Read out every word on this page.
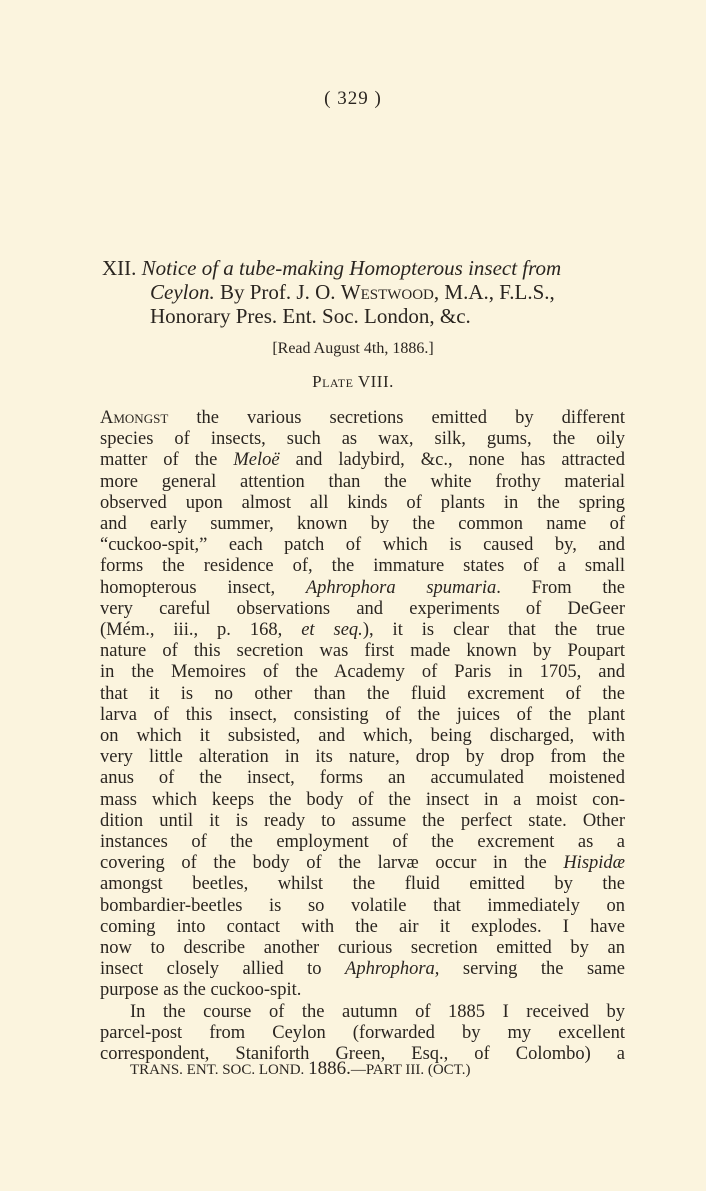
( 329 )
XII. Notice of a tube-making Homopterous insect from
Ceylon. By Prof. J. O. Westwood, M.A., F.L.S.,
Honorary Pres. Ent. Soc. London, &c.
[Read August 4th, 1886.]
Plate VIII.
Amongst the various secretions emitted by different
species of insects, such as wax, silk, gums, the oily
matter of the Meloë and ladybird, &c., none has attracted
more general attention than the white frothy material
observed upon almost all kinds of plants in the spring
and early summer, known by the common name of
“cuckoo-spit,” each patch of which is caused by, and
forms the residence of, the immature states of a small
homopterous insect, Aphrophora spumaria. From the
very careful observations and experiments of DeGeer
(Mém., iii., p. 168, et seq.), it is clear that the true
nature of this secretion was first made known by Poupart
in the Memoires of the Academy of Paris in 1705, and
that it is no other than the fluid excrement of the
larva of this insect, consisting of the juices of the plant
on which it subsisted, and which, being discharged, with
very little alteration in its nature, drop by drop from the
anus of the insect, forms an accumulated moistened
mass which keeps the body of the insect in a moist con-
dition until it is ready to assume the perfect state. Other
instances of the employment of the excrement as a
covering of the body of the larvæ occur in the Hispidæ
amongst beetles, whilst the fluid emitted by the
bombardier-beetles is so volatile that immediately on
coming into contact with the air it explodes. I have
now to describe another curious secretion emitted by an
insect closely allied to Aphrophora, serving the same
purpose as the cuckoo-spit.
In the course of the autumn of 1885 I received by
parcel-post from Ceylon (forwarded by my excellent
correspondent, Staniforth Green, Esq., of Colombo) a
TRANS. ENT. SOC. LOND. 1886.—PART III. (OCT.)
